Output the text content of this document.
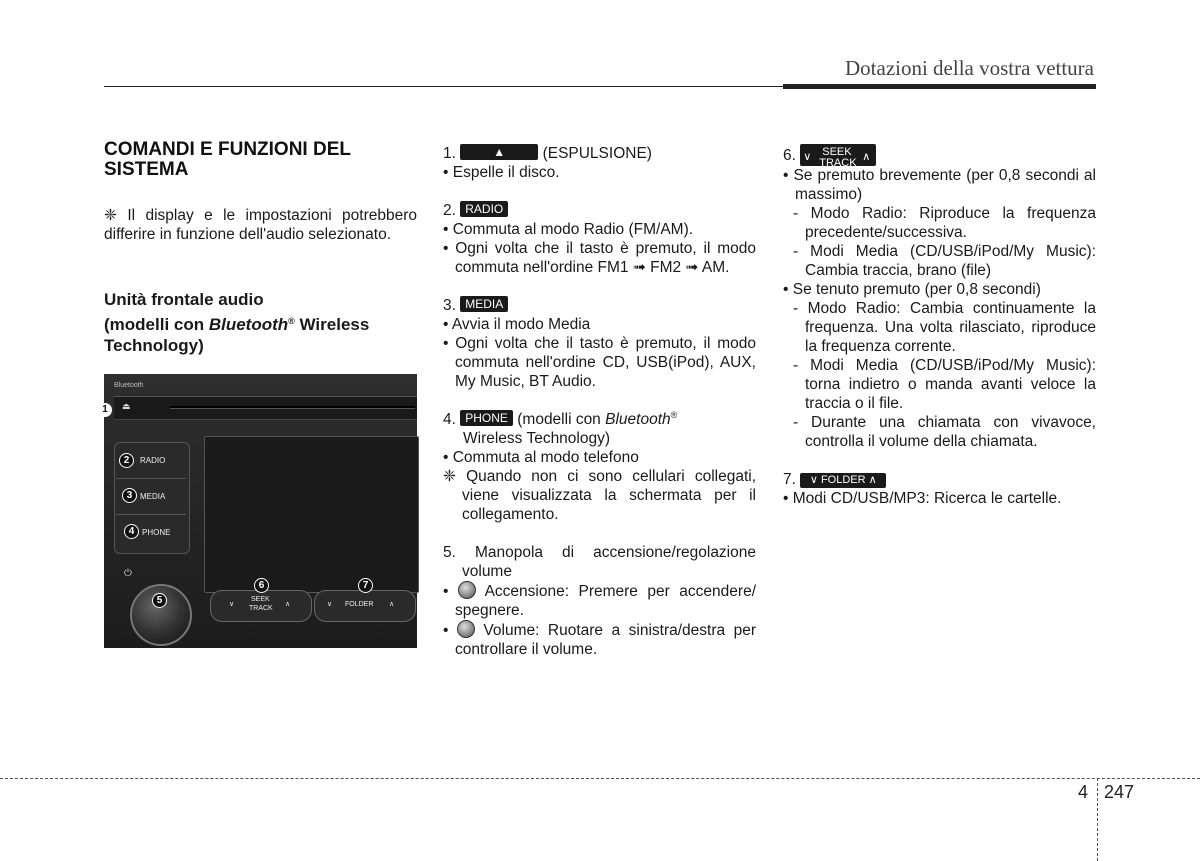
Dotazioni della vostra vettura
COMANDI E FUNZIONI DEL SISTEMA
❈ Il display e le impostazioni potrebbero differire in funzione dell'audio selezionato.
Unità frontale audio
(modelli con Bluetooth® Wireless Technology)
Bluetooth
⏏
RADIO
MEDIA
PHONE
⏻
∨
SEEK
TRACK
∧	∨ FOLDER ∧
1
2
3
4
5
6	7

1.	▲ (ESPULSIONE)

• Espelle il disco.

2. RADIO

• Commuta al modo Radio (FM/AM).

• Ogni volta che il tasto è premuto, il modo commuta nell'ordine FM1 ➟ FM2 ➟ AM.

3. MEDIA

• Avvia il modo Media

• Ogni volta che il tasto è premuto, il modo commuta nell'ordine CD, USB(iPod), AUX, My Music, BT Audio.

4. PHONE (modelli con Bluetooth®

Wireless Technology)

• Commuta al modo telefono

❈ Quando non ci sono cellulari collegati, viene visualizzata la schermata per il collegamento.

5. Manopola di accensione/regolazione volume

•  Accensione: Premere per accendere/ spegnere.

•  Volume: Ruotare a sinistra/destra per controllare il volume.

6. ∨ SEEK
TRACK ∧

• Se premuto brevemente (per 0,8 secondi al massimo)

- Modo Radio: Riproduce la frequenza precedente/successiva.

- Modi Media (CD/USB/iPod/My Music): Cambia traccia, brano (file)

• Se tenuto premuto (per 0,8 secondi)

- Modo Radio: Cambia continuamente la frequenza. Una volta rilasciato, riproduce la frequenza corrente.

- Modi Media (CD/USB/iPod/My Music): torna indietro o manda avanti veloce la traccia o il file.

- Durante una chiamata con vivavoce, controlla il volume della chiamata.

7. ∨ FOLDER ∧

• Modi CD/USB/MP3: Ricerca le cartelle.

4 247
